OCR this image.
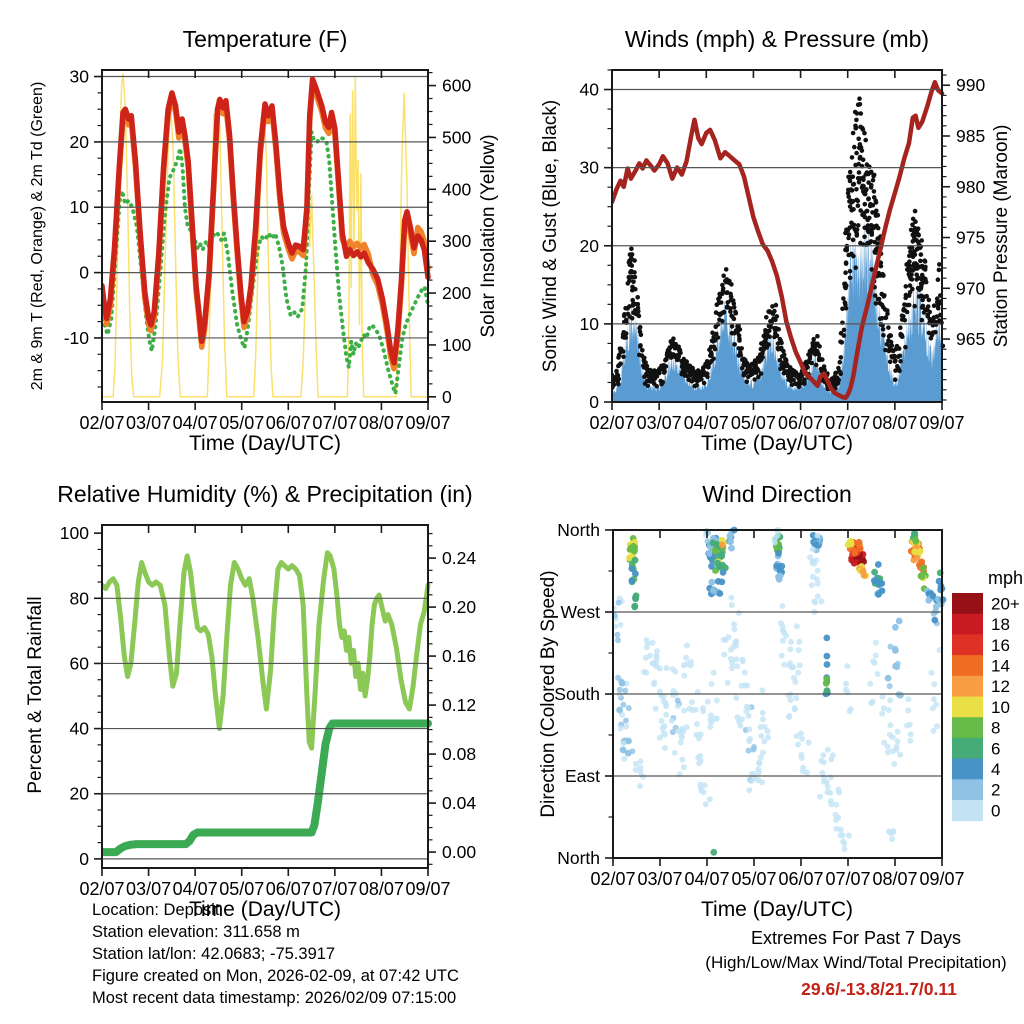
02/07 03/07 04/07 05/07 06/07 07/07 08/07 09/07
30
20
10
0
-10
600
500
400
300
200
100
0
02/07 03/07 04/07 05/07 06/07 07/07 08/07 09/07
40
30
20
10
0
990
985
980
975
970
965
02/07 03/07 04/07 05/07 06/07 07/07 08/07 09/07
100
80
60
40
20
0
0.24
0.20
0.16
0.12
0.08
0.04
0.00
02/07 03/07 04/07 05/07 06/07 07/07 08/07 09/07
North
West
South
East
North
20+
18
16
14
12
10
8
6
4
2
0
Temperature (F)	Winds (mph) & Pressure (mb)
Relative Humidity (%) & Precipitation (in)	Wind Direction
Time (Day/UTC)	Time (Day/UTC)
Time (Day/UTC)	Time (Day/UTC)
2m & 9m T (Red, Orange) & 2m Td (Green)	Solar Insolation (Yellow) Sonic Wind & Gust (Blue, Black)	Station Pressure (Maroon)
Percent & Total Rainfall	Direction (Colored By Speed)	mph
Location: Deposit
Station elevation: 311.658 m
Station lat/lon: 42.0683; -75.3917
Figure created on Mon, 2026-02-09, at 07:42 UTC
Most recent data timestamp: 2026/02/09 07:15:00
Extremes For Past 7 Days
(High/Low/Max Wind/Total Precipitation)
29.6/-13.8/21.7/0.11
